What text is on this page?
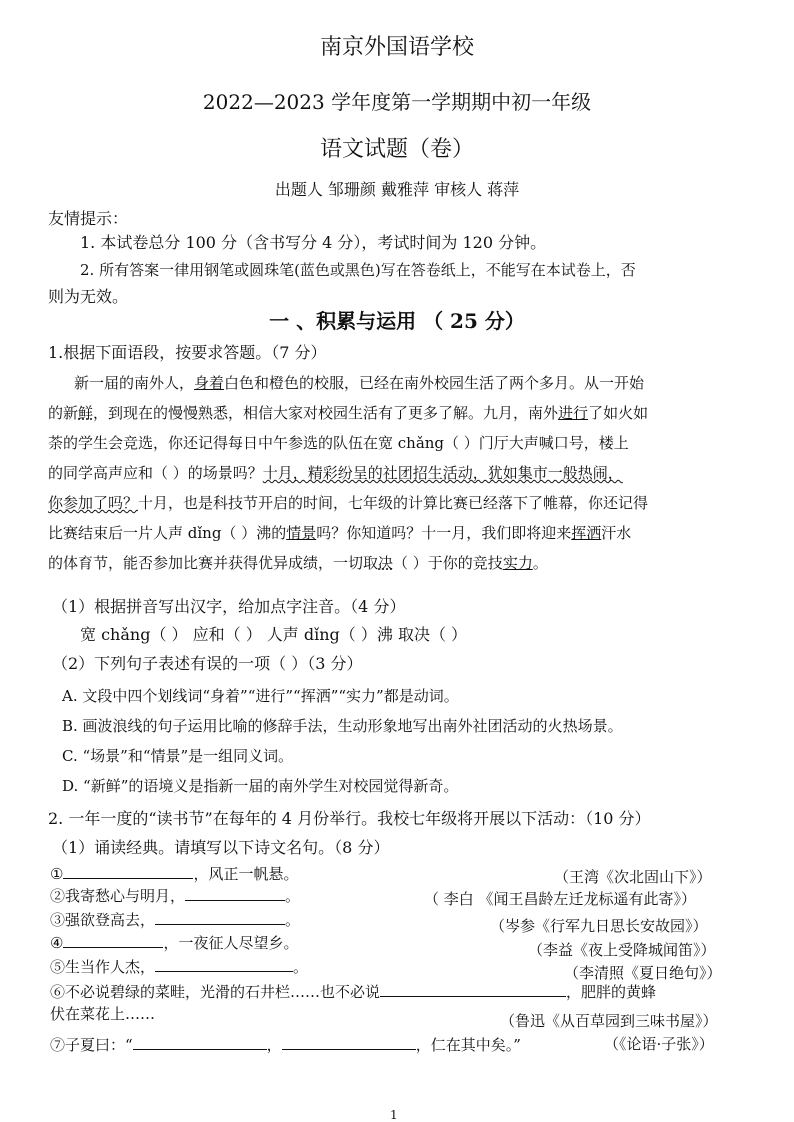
南京外国语学校
2022—2023 学年度第一学期期中初一年级
语文试题（卷）
出题人 邹珊颜 戴雅萍 审核人 蒋萍
友情提示：
1. 本试卷总分 100 分（含书写分 4 分），考试时间为 120 分钟。
2. 所有答案一律用钢笔或圆珠笔(蓝色或黑色)写在答卷纸上，不能写在本试卷上，否
则为无效。
一 、积累与运用 （ 25 分）
1.根据下面语段，按要求答题。（7 分）
新一届的南外人，身着白色和橙色的校服，已经在南外校园生活了两个多月。从一开始
的新鲜，到现在的慢慢熟悉，相信大家对校园生活有了更多了解。九月，南外进行了如火如
荼的学生会竞选，你还记得每日中午参选的队伍在宽 chǎng（ ）门厅大声喊口号，楼上
的同学高声应和（ ）的场景吗？十月，精彩纷呈的社团招生活动，犹如集市一般热闹，
你参加了吗？十月，也是科技节开启的时间，七年级的计算比赛已经落下了帷幕，你还记得
比赛结束后一片人声 dǐng（ ）沸的情景吗？你知道吗？十一月，我们即将迎来挥洒汗水
的体育节，能否参加比赛并获得优异成绩，一切取决（ ）于你的竞技实力。
（1）根据拼音写出汉字，给加点字注音。（4 分）
宽 chǎng（ ） 应和（ ） 人声 dǐng（ ）沸 取决（ ）
（2）下列句子表述有误的一项（ ）（3 分）
A. 文段中四个划线词“身着”“进行”“挥洒”“实力”都是动词。
B. 画波浪线的句子运用比喻的修辞手法，生动形象地写出南外社团活动的火热场景。
C. “场景”和“情景”是一组同义词。
D. “新鲜”的语境义是指新一届的南外学生对校园觉得新奇。
2. 一年一度的“读书节”在每年的 4 月份举行。我校七年级将开展以下活动：（10 分）
（1）诵读经典。请填写以下诗文名句。（8 分）
①	，风正一帆悬。	（王湾《次北固山下》）
②我寄愁心与明月，	。	（ 李白 《闻王昌龄左迁龙标遥有此寄》）
③强欲登高去，	。	（岑参《行军九日思长安故园》）
④	，一夜征人尽望乡。	（李益《夜上受降城闻笛》）
⑤生当作人杰，	。	（李清照《夏日绝句》）
⑥不必说碧绿的菜畦，光滑的石井栏……也不必说	，肥胖的黄蜂
伏在菜花上……	（鲁迅《从百草园到三味书屋》）
⑦子夏曰：“	，	，仁在其中矣。”	（《论语·子张》）
1
